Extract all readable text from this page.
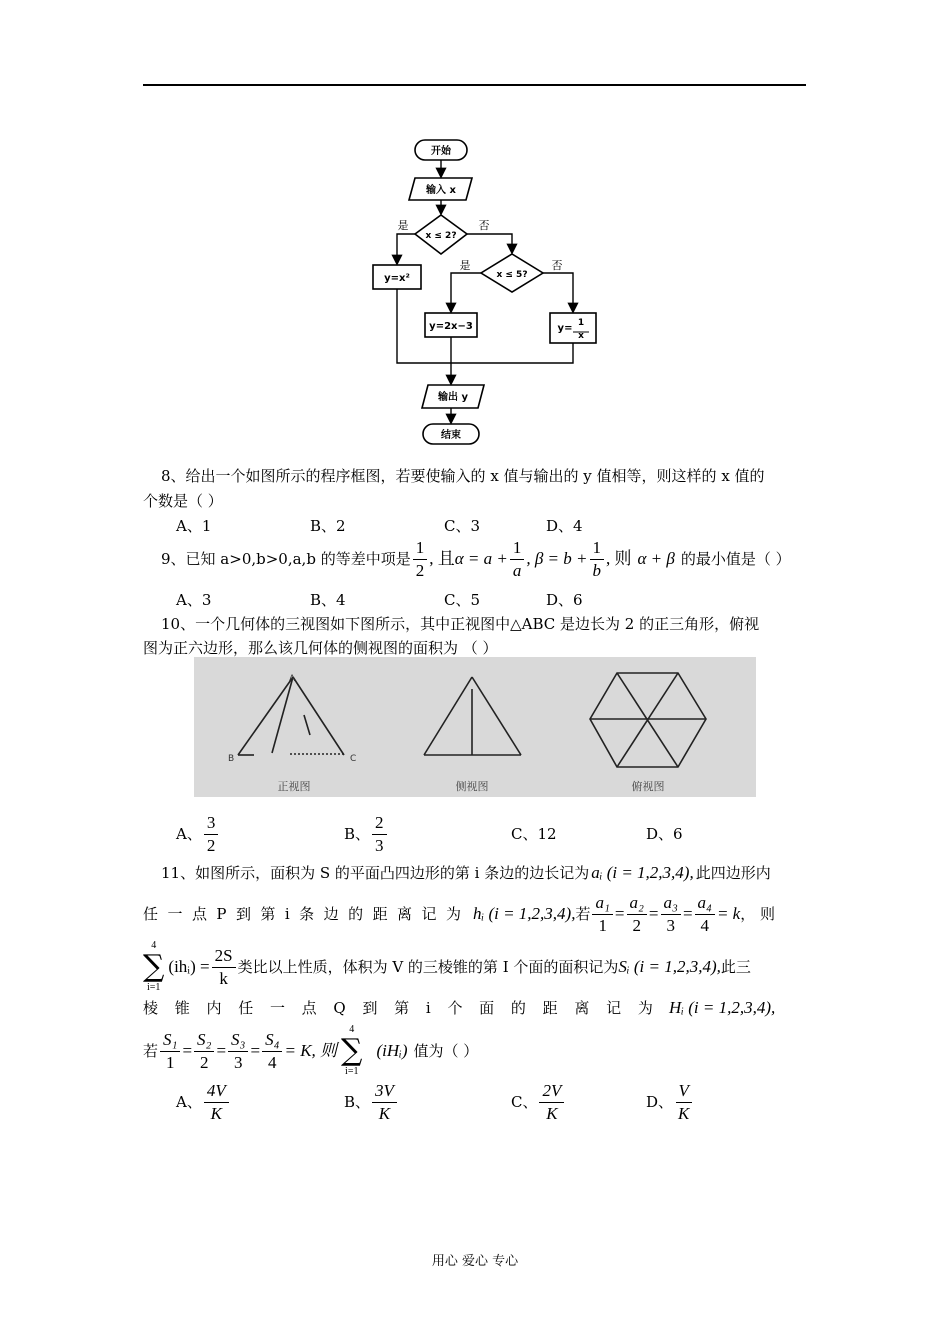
开始
输入 x
x ≤ 2?
y=x²	x ≤ 5?
y=2x−3	y= 1
x
输出 y
结束
是	否
是	否
8、给出一个如图所示的程序框图，若要使输入的 x 值与输出的 y 值相等，则这样的 x 值的
个数是（ ）
A、1	B、2	C、3	D、4
9、已知 a>0,b>0,a,b 的等差中项是 $\frac{1}{2}$ , 且 $\alpha = a + \frac{1}{a}$ , $\beta = b + \frac{1}{b}$ , 则 α + β 的最小值是（ ）
A、3	B、4	C、5	D、6
10、一个几何体的三视图如下图所示，其中正视图中△ABC 是边长为 2 的正三角形，俯视
图为正六边形，那么该几何体的侧视图的面积为 （ ）
A
B	C
正视图	侧视图	俯视图
A、 $\frac{3}{2}$	B、 $\frac{2}{3}$	C、12	D、6
11、如图所示，面积为 S 的平面凸四边形的第 i 条边的边长记为 aᵢ (i = 1,2,3,4), 此四边形内
任 一 点 P 到 第 i 条 边 的 距 离 记 为 hᵢ (i = 1,2,3,4), 若 $\frac{\text{a₁}}{1} = \frac{\text{a₂}}{2} = \frac{\text{a₃}}{3} = \frac{\text{a₄}}{4} = k$ ， 则
4
∑
i=1
(ihᵢ) = $\frac{2S}{k}$ 类比以上性质，体积为 V 的三棱锥的第 I 个面的面积记为 Sᵢ (i = 1,2,3,4), 此三
棱 锥 内 任 一 点 Q 到 第 i 个 面 的 距 离 记 为 Hᵢ (i = 1,2,3,4),
若 $\frac{\text{S₁}}{1} = \frac{\text{S₂}}{2} = \frac{\text{S₃}}{3} = \frac{\text{S₄}}{4} = K$, 则
4
∑
i=1
(iHᵢ) 值为（ ）
A、 $\frac{4V}{K}$	B、 $\frac{3V}{K}$	C、 $\frac{2V}{K}$	D、 $\frac{V}{K}$
用心 爱心 专心
